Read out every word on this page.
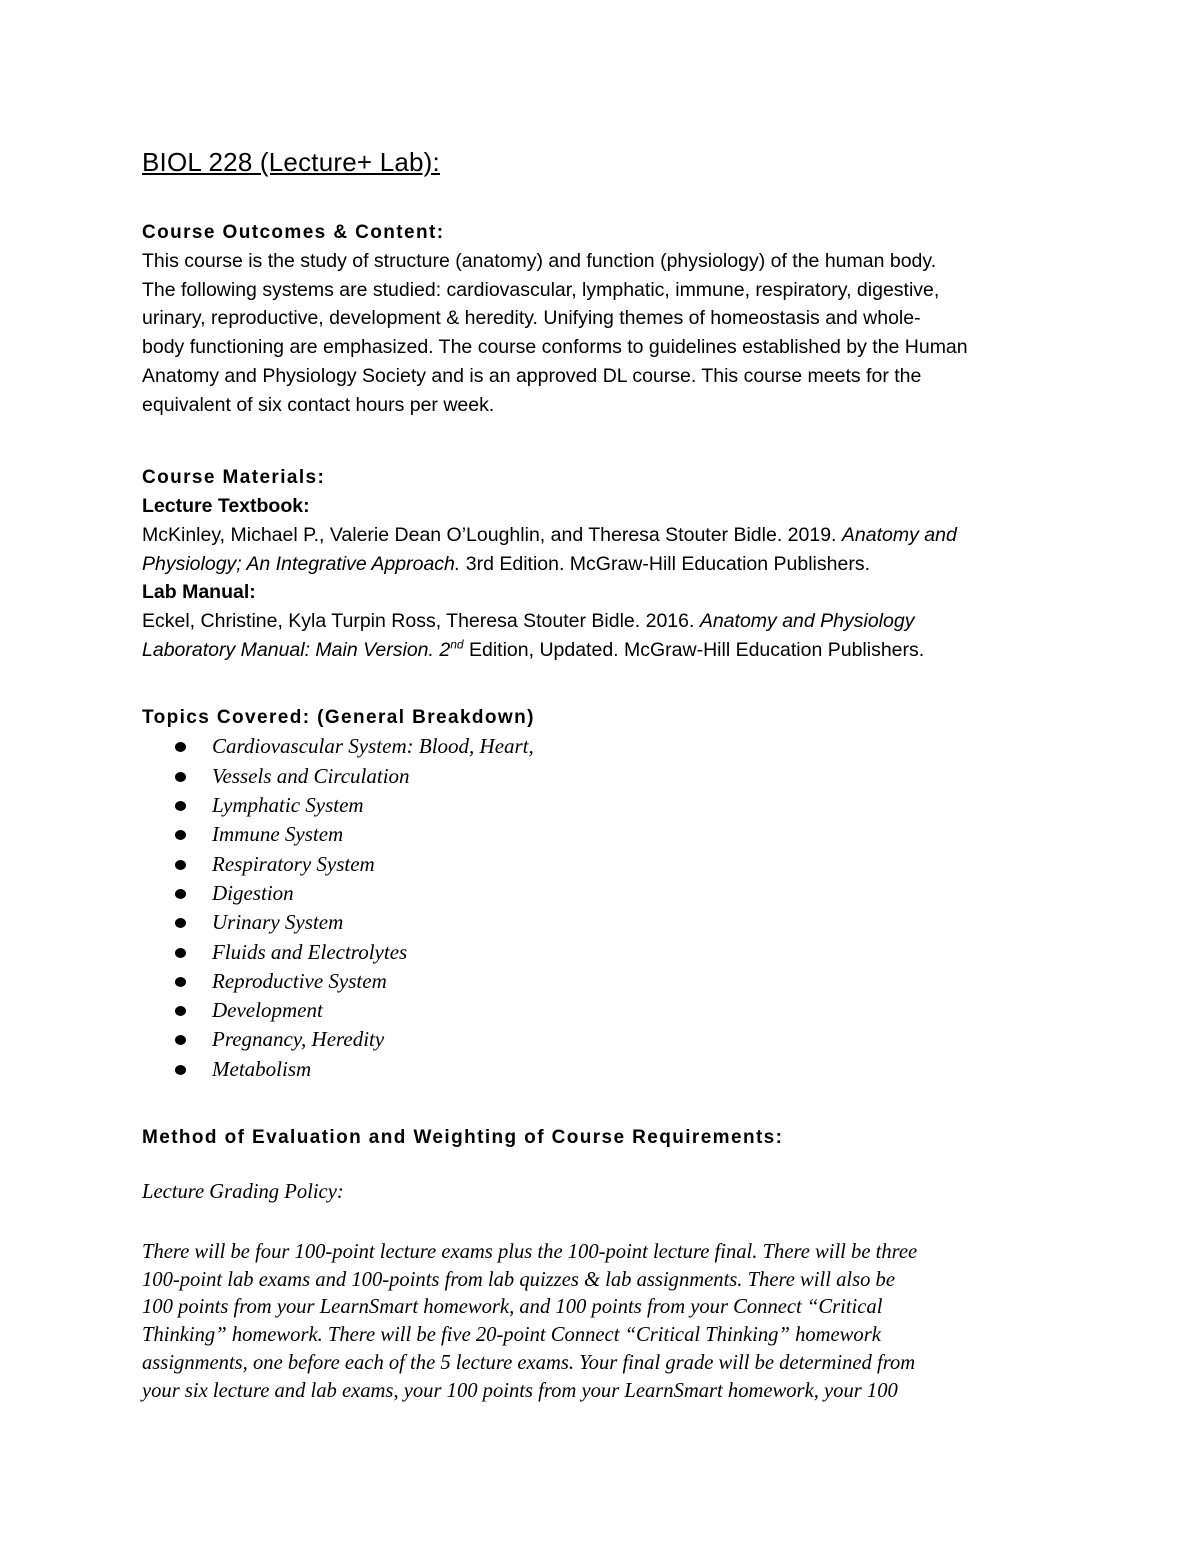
BIOL 228 (Lecture+ Lab):

Course Outcomes & Content:

This course is the study of structure (anatomy) and function (physiology) of the human body.

The following systems are studied: cardiovascular, lymphatic, immune, respiratory, digestive,

urinary, reproductive, development & heredity. Unifying themes of homeostasis and whole-

body functioning are emphasized. The course conforms to guidelines established by the Human

Anatomy and Physiology Society and is an approved DL course. This course meets for the

equivalent of six contact hours per week.

Course Materials:

Lecture Textbook:

McKinley, Michael P., Valerie Dean O’Loughlin, and Theresa Stouter Bidle. 2019. Anatomy and

Physiology; An Integrative Approach. 3rd Edition. McGraw-Hill Education Publishers.

Lab Manual:

Eckel, Christine, Kyla Turpin Ross, Theresa Stouter Bidle. 2016. Anatomy and Physiology

Laboratory Manual: Main Version. 2nd Edition, Updated. McGraw-Hill Education Publishers.

Topics Covered: (General Breakdown)

Cardiovascular System: Blood, Heart,
Vessels and Circulation
Lymphatic System
Immune System
Respiratory System
Digestion
Urinary System
Fluids and Electrolytes
Reproductive System
Development
Pregnancy, Heredity
Metabolism

Method of Evaluation and Weighting of Course Requirements:

Lecture Grading Policy:

There will be four 100-point lecture exams plus the 100-point lecture final. There will be three

100-point lab exams and 100-points from lab quizzes & lab assignments. There will also be

100 points from your LearnSmart homework, and 100 points from your Connect “Critical

Thinking” homework. There will be five 20-point Connect “Critical Thinking” homework

assignments, one before each of the 5 lecture exams. Your final grade will be determined from

your six lecture and lab exams, your 100 points from your LearnSmart homework, your 100
